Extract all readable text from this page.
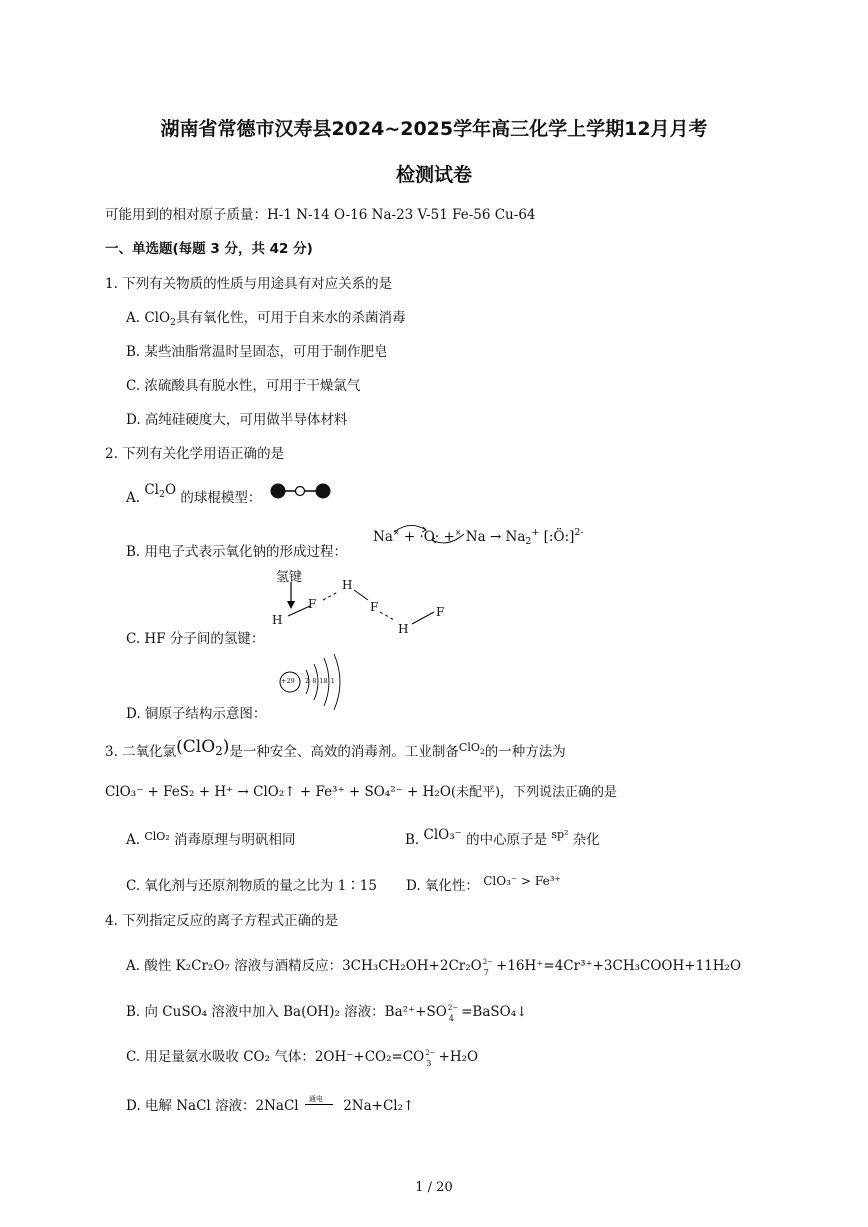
湖南省常德市汉寿县2024~2025学年高三化学上学期12月月考
检测试卷
可能用到的相对原子质量：H-1 N-14 O-16 Na-23 V-51 Fe-56 Cu-64
一、单选题(每题 3 分，共 42 分)
1. 下列有关物质的性质与用途具有对应关系的是
A. ClO$_2$具有氧化性，可用于自来水的杀菌消毒
B. 某些油脂常温时呈固态，可用于制作肥皂
C. 浓硫酸具有脱水性，可用于干燥氯气
D. 高纯硅硬度大，可用做半导体材料
2. 下列有关化学用语正确的是
A. $Cl_2O$ 的球棍模型：
B. 用电子式表示氧化钠的形成过程：
Na× + ·O· +× $Na \to Na_2^+$ [:Ö:]$^{2-}$
C. HF 分子间的氢键：
氢键
H
F
H
F
H
F
D. 铜原子结构示意图：
+29 2 8 18 1
3. 二氧化氯(ClO$_2$)是一种安全、高效的消毒剂。工业制备$^{ClO_2}$的一种方法为
ClO₃⁻ + FeS₂ + H⁺ → ClO₂↑ + Fe³⁺ + SO₄²⁻ + H₂O(未配平)，下列说法正确的是
A. $^{ClO_2}$ 消毒原理与明矾相同	B. ClO₃⁻ 的中心原子是 $^{sp^2}$ 杂化
C. 氧化剂与还原剂物质的量之比为 1∶15 D. 氧化性： ClO₃⁻ > Fe³⁺
4. 下列指定反应的离子方程式正确的是
A. 酸性 K₂Cr₂O₇ 溶液与酒精反应：3CH₃CH₂OH+2Cr₂O 2−
7 +16H⁺=4Cr³⁺+3CH₃COOH+11H₂O
B. 向 CuSO₄ 溶液中加入 Ba(OH)₂ 溶液：Ba²⁺+SO 2−
4 =BaSO₄↓
C. 用足量氨水吸收 CO₂ 气体：2OH⁻+CO₂=CO 2−
3 +H₂O
D. 电解 NaCl 溶液：2NaCl 通电 2Na+Cl₂↑
1 / 20
